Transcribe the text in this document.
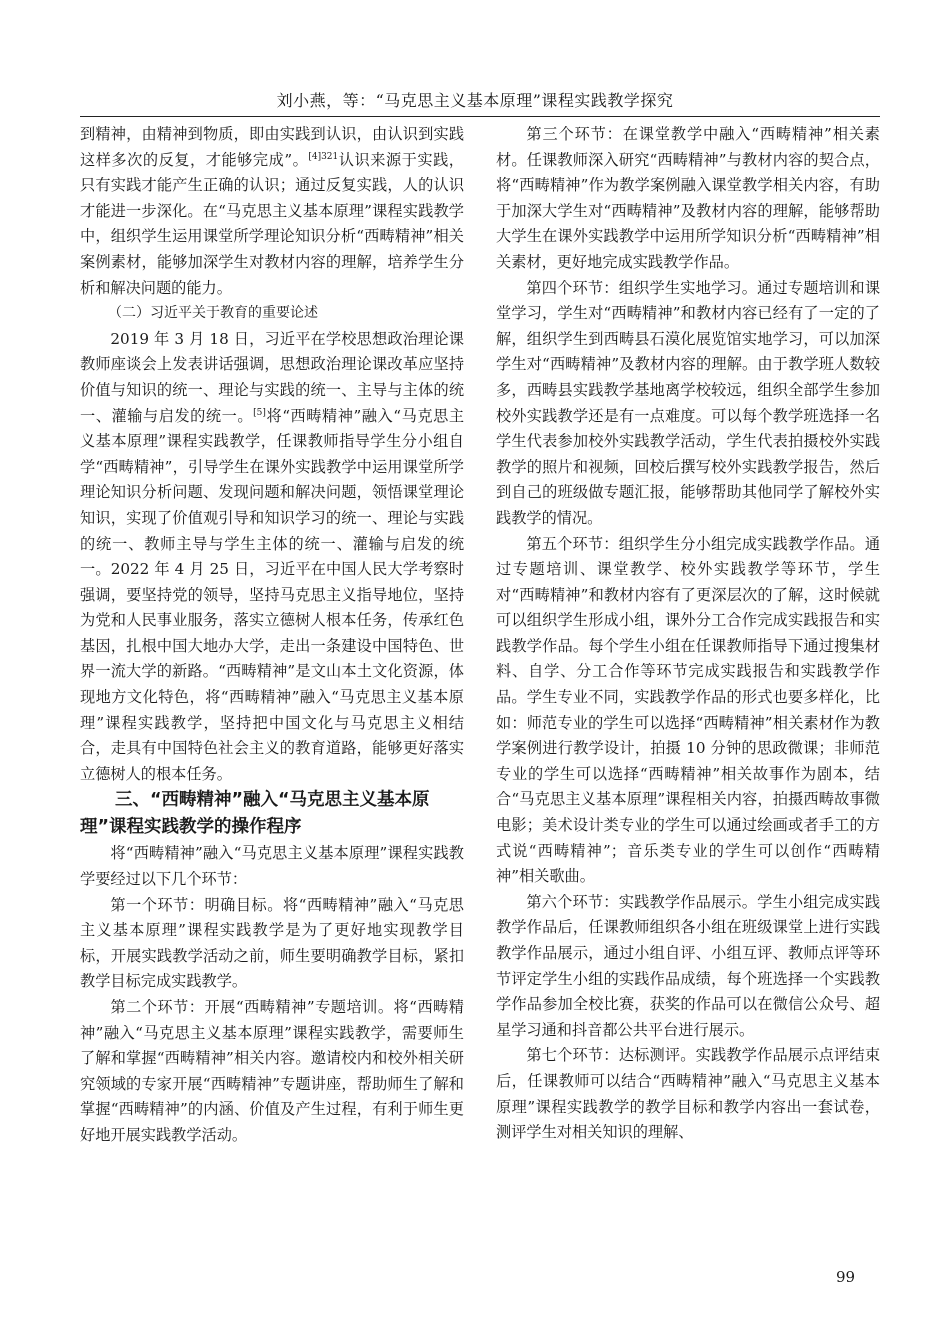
刘小燕，等：“马克思主义基本原理”课程实践教学探究

到精神，由精神到物质，即由实践到认识，由认识到实践这样多次的反复，才能够完成”。$^{[4]321}$认识来源于实践，只有实践才能产生正确的认识；通过反复实践，人的认识才能进一步深化。在“马克思主义基本原理”课程实践教学中，组织学生运用课堂所学理论知识分析“西畴精神”相关案例素材，能够加深学生对教材内容的理解，培养学生分析和解决问题的能力。

（二）习近平关于教育的重要论述

2019 年 3 月 18 日，习近平在学校思想政治理论课教师座谈会上发表讲话强调，思想政治理论课改革应坚持价值与知识的统一、理论与实践的统一、主导与主体的统一、灌输与启发的统一。[5]将“西畴精神”融入“马克思主义基本原理”课程实践教学，任课教师指导学生分小组自学“西畴精神”，引导学生在课外实践教学中运用课堂所学理论知识分析问题、发现问题和解决问题，领悟课堂理论知识，实现了价值观引导和知识学习的统一、理论与实践的统一、教师主导与学生主体的统一、灌输与启发的统一。2022 年 4 月 25 日，习近平在中国人民大学考察时强调，要坚持党的领导，坚持马克思主义指导地位，坚持为党和人民事业服务，落实立德树人根本任务，传承红色基因，扎根中国大地办大学，走出一条建设中国特色、世界一流大学的新路。“西畴精神”是文山本土文化资源，体现地方文化特色，将“西畴精神”融入“马克思主义基本原理”课程实践教学，坚持把中国文化与马克思主义相结合，走具有中国特色社会主义的教育道路，能够更好落实立德树人的根本任务。

三、“西畴精神”融入“马克思主义基本原理”课程实践教学的操作程序

将“西畴精神”融入“马克思主义基本原理”课程实践教学要经过以下几个环节：

第一个环节：明确目标。将“西畴精神”融入“马克思主义基本原理”课程实践教学是为了更好地实现教学目标，开展实践教学活动之前，师生要明确教学目标，紧扣教学目标完成实践教学。

第二个环节：开展“西畴精神”专题培训。将“西畴精神”融入“马克思主义基本原理”课程实践教学，需要师生了解和掌握“西畴精神”相关内容。邀请校内和校外相关研究领域的专家开展“西畴精神”专题讲座，帮助师生了解和掌握“西畴精神”的内涵、价值及产生过程，有利于师生更好地开展实践教学活动。

第三个环节：在课堂教学中融入“西畴精神”相关素材。任课教师深入研究“西畴精神”与教材内容的契合点，将“西畴精神”作为教学案例融入课堂教学相关内容，有助于加深大学生对“西畴精神”及教材内容的理解，能够帮助大学生在课外实践教学中运用所学知识分析“西畴精神”相关素材，更好地完成实践教学作品。

第四个环节：组织学生实地学习。通过专题培训和课堂学习，学生对“西畴精神”和教材内容已经有了一定的了解，组织学生到西畴县石漠化展览馆实地学习，可以加深学生对“西畴精神”及教材内容的理解。由于教学班人数较多，西畴县实践教学基地离学校较远，组织全部学生参加校外实践教学还是有一点难度。可以每个教学班选择一名学生代表参加校外实践教学活动，学生代表拍摄校外实践教学的照片和视频，回校后撰写校外实践教学报告，然后到自己的班级做专题汇报，能够帮助其他同学了解校外实践教学的情况。

第五个环节：组织学生分小组完成实践教学作品。通过专题培训、课堂教学、校外实践教学等环节，学生对“西畴精神”和教材内容有了更深层次的了解，这时候就可以组织学生形成小组，课外分工合作完成实践报告和实践教学作品。每个学生小组在任课教师指导下通过搜集材料、自学、分工合作等环节完成实践报告和实践教学作品。学生专业不同，实践教学作品的形式也要多样化，比如：师范专业的学生可以选择“西畴精神”相关素材作为教学案例进行教学设计，拍摄 10 分钟的思政微课；非师范专业的学生可以选择“西畴精神”相关故事作为剧本，结合“马克思主义基本原理”课程相关内容，拍摄西畴故事微电影；美术设计类专业的学生可以通过绘画或者手工的方式说“西畴精神”；音乐类专业的学生可以创作“西畴精神”相关歌曲。

第六个环节：实践教学作品展示。学生小组完成实践教学作品后，任课教师组织各小组在班级课堂上进行实践教学作品展示，通过小组自评、小组互评、教师点评等环节评定学生小组的实践作品成绩，每个班选择一个实践教学作品参加全校比赛，获奖的作品可以在微信公众号、超星学习通和抖音都公共平台进行展示。

第七个环节：达标测评。实践教学作品展示点评结束后，任课教师可以结合“西畴精神”融入“马克思主义基本原理”课程实践教学的教学目标和教学内容出一套试卷，测评学生对相关知识的理解、

99
